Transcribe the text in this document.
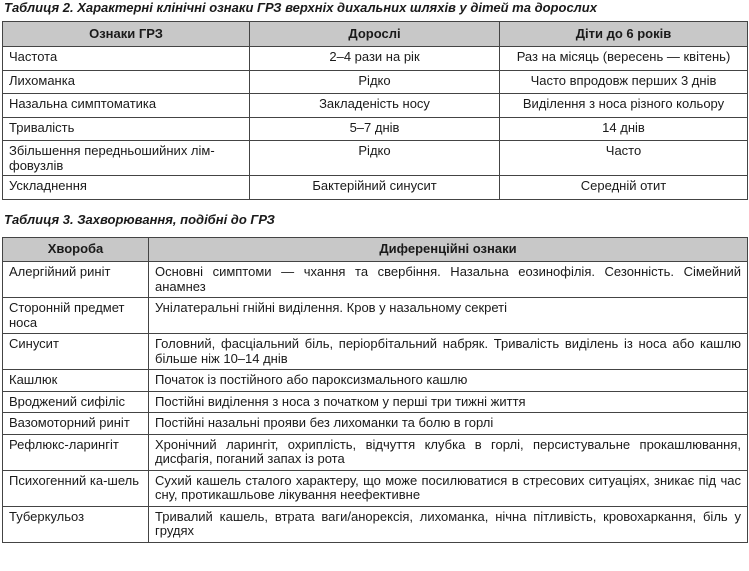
Таблиця 2. Характерні клінічні ознаки ГРЗ верхніх дихальних шляхів у дітей та дорослих
Ознаки ГРЗ	Дорослі	Діти до 6 років
Частота	2–4 рази на рік	Раз на місяць (вересень — квітень)
Лихоманка	Рідко	Часто впродовж перших 3 днів
Назальна симптоматика	Закладеність носу	Виділення з носа різного кольору
Тривалість	5–7 днів	14 днів
Збільшення передньошийних лім-фовузлів	Рідко	Часто
Ускладнення	Бактерійний синусит	Середній отит
Таблиця 3. Захворювання, подібні до ГРЗ
Хвороба	Диференційні ознаки
Алергійний риніт	Основні симптоми — чхання та свербіння. Назальна еозинофілія. Сезонність. Сімейний анамнез
Сторонній предмет носа	Унілатеральні гнійні виділення. Кров у назальному секреті
Синусит	Головний, фасціальний біль, періорбітальний набряк. Тривалість виділень із носа або кашлю більше ніж 10–14 днів
Кашлюк	Початок із постійного або пароксизмального кашлю
Вроджений сифіліс	Постійні виділення з носа з початком у перші три тижні життя
Вазомоторний риніт	Постійні назальні прояви без лихоманки та болю в горлі
Рефлюкс-ларингіт	Хронічний ларингіт, охриплість, відчуття клубка в горлі, персистувальне прокашлювання, дисфагія, поганий запах із рота
Психогенний ка-шель	Сухий кашель сталого характеру, що може посилюватися в стресових ситуаціях, зникає під час сну, протикашльове лікування неефективне
Туберкульоз	Тривалий кашель, втрата ваги/анорексія, лихоманка, нічна пітливість, кровохаркання, біль у грудях
